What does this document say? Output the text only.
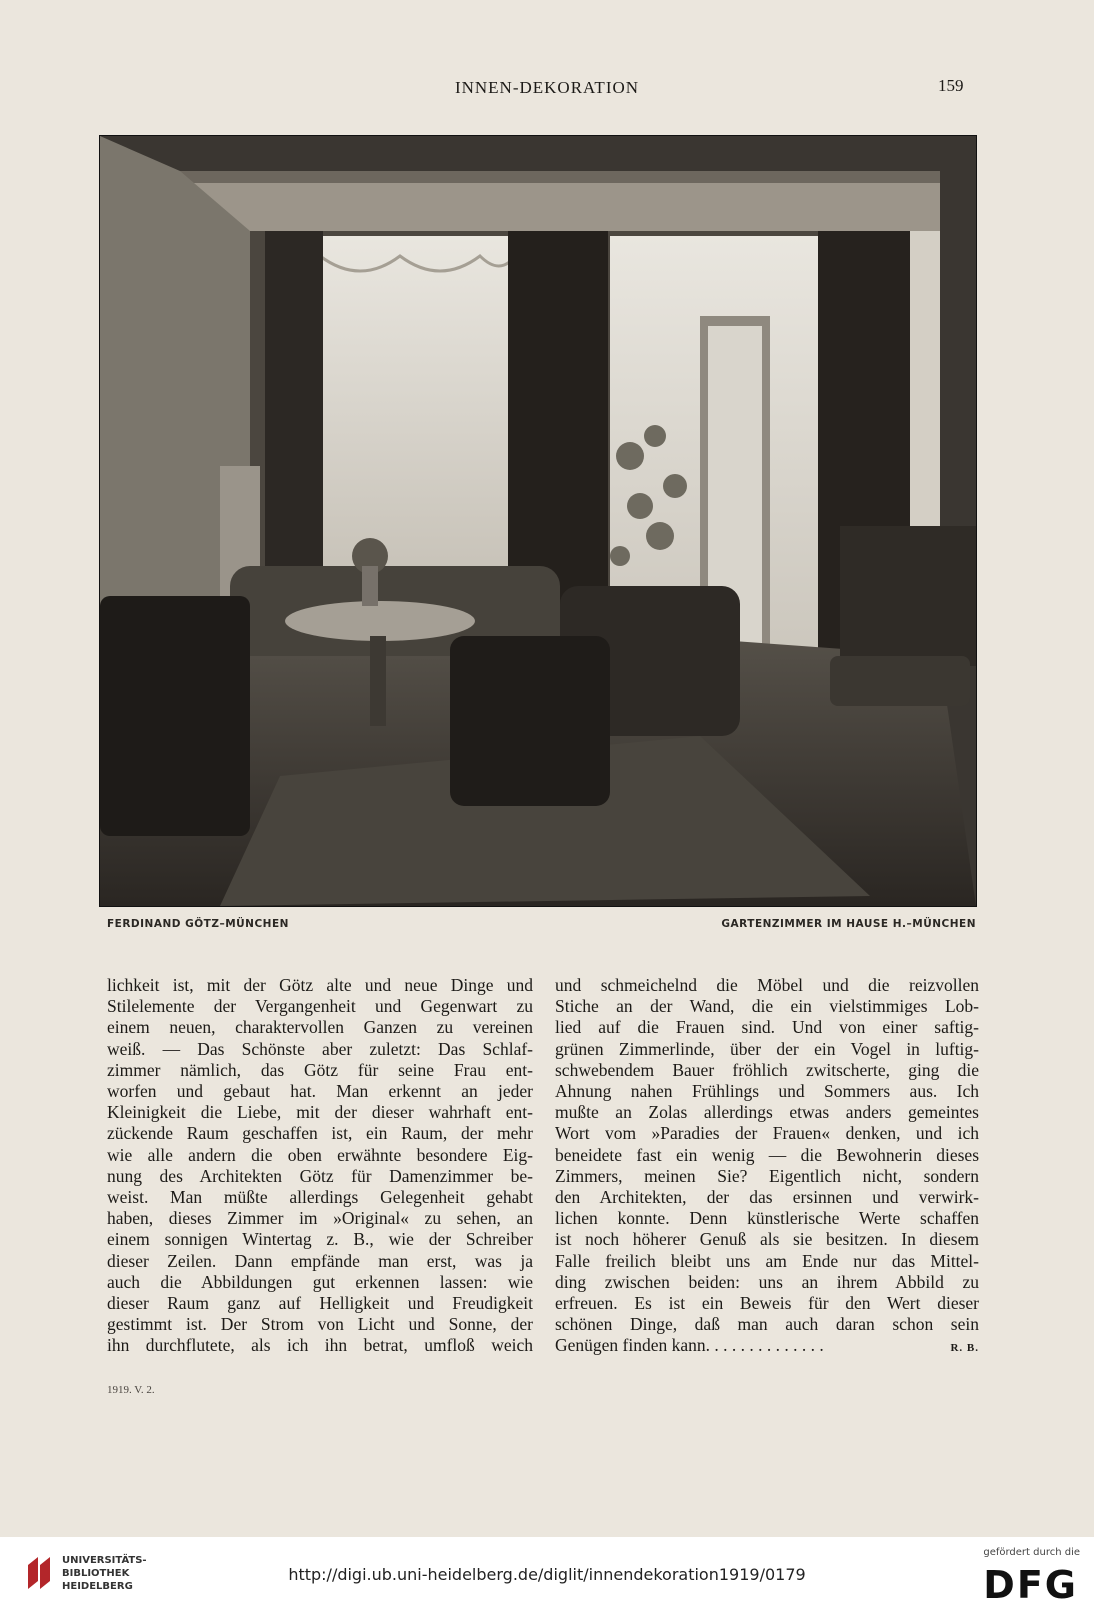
INNEN-DEKORATION	159
FERDINAND GÖTZ–MÜNCHEN	GARTENZIMMER IM HAUSE H.–MÜNCHEN
lichkeit ist, mit der Götz alte und neue Dinge und
Stilelemente der Vergangenheit und Gegenwart zu
einem neuen, charaktervollen Ganzen zu vereinen
weiß. — Das Schönste aber zuletzt: Das Schlaf-
zimmer nämlich, das Götz für seine Frau ent-
worfen und gebaut hat. Man erkennt an jeder
Kleinigkeit die Liebe, mit der dieser wahrhaft ent-
zückende Raum geschaffen ist, ein Raum, der mehr
wie alle andern die oben erwähnte besondere Eig-
nung des Architekten Götz für Damenzimmer be-
weist. Man müßte allerdings Gelegenheit gehabt
haben, dieses Zimmer im »Original« zu sehen, an
einem sonnigen Wintertag z. B., wie der Schreiber
dieser Zeilen. Dann empfände man erst, was ja
auch die Abbildungen gut erkennen lassen: wie
dieser Raum ganz auf Helligkeit und Freudigkeit
gestimmt ist. Der Strom von Licht und Sonne, der
ihn durchflutete, als ich ihn betrat, umfloß weich
und schmeichelnd die Möbel und die reizvollen
Stiche an der Wand, die ein vielstimmiges Lob-
lied auf die Frauen sind. Und von einer saftig-
grünen Zimmerlinde, über der ein Vogel in luftig-
schwebendem Bauer fröhlich zwitscherte, ging die
Ahnung nahen Frühlings und Sommers aus. Ich
mußte an Zolas allerdings etwas anders gemeintes
Wort vom »Paradies der Frauen« denken, und ich
beneidete fast ein wenig — die Bewohnerin dieses
Zimmers, meinen Sie? Eigentlich nicht, sondern
den Architekten, der das ersinnen und verwirk-
lichen konnte. Denn künstlerische Werte schaffen
ist noch höherer Genuß als sie besitzen. In diesem
Falle freilich bleibt uns am Ende nur das Mittel-
ding zwischen beiden: uns an ihrem Abbild zu
erfreuen. Es ist ein Beweis für den Wert dieser
schönen Dinge, daß man auch daran schon sein
Genügen finden kann. . . . . . . . . . . . . .	R. B.
1919. V. 2.
UNIVERSITÄTS-
BIBLIOTHEK
HEIDELBERG
http://digi.ub.uni-heidelberg.de/diglit/innendekoration1919/0179
gefördert durch die
DFG
